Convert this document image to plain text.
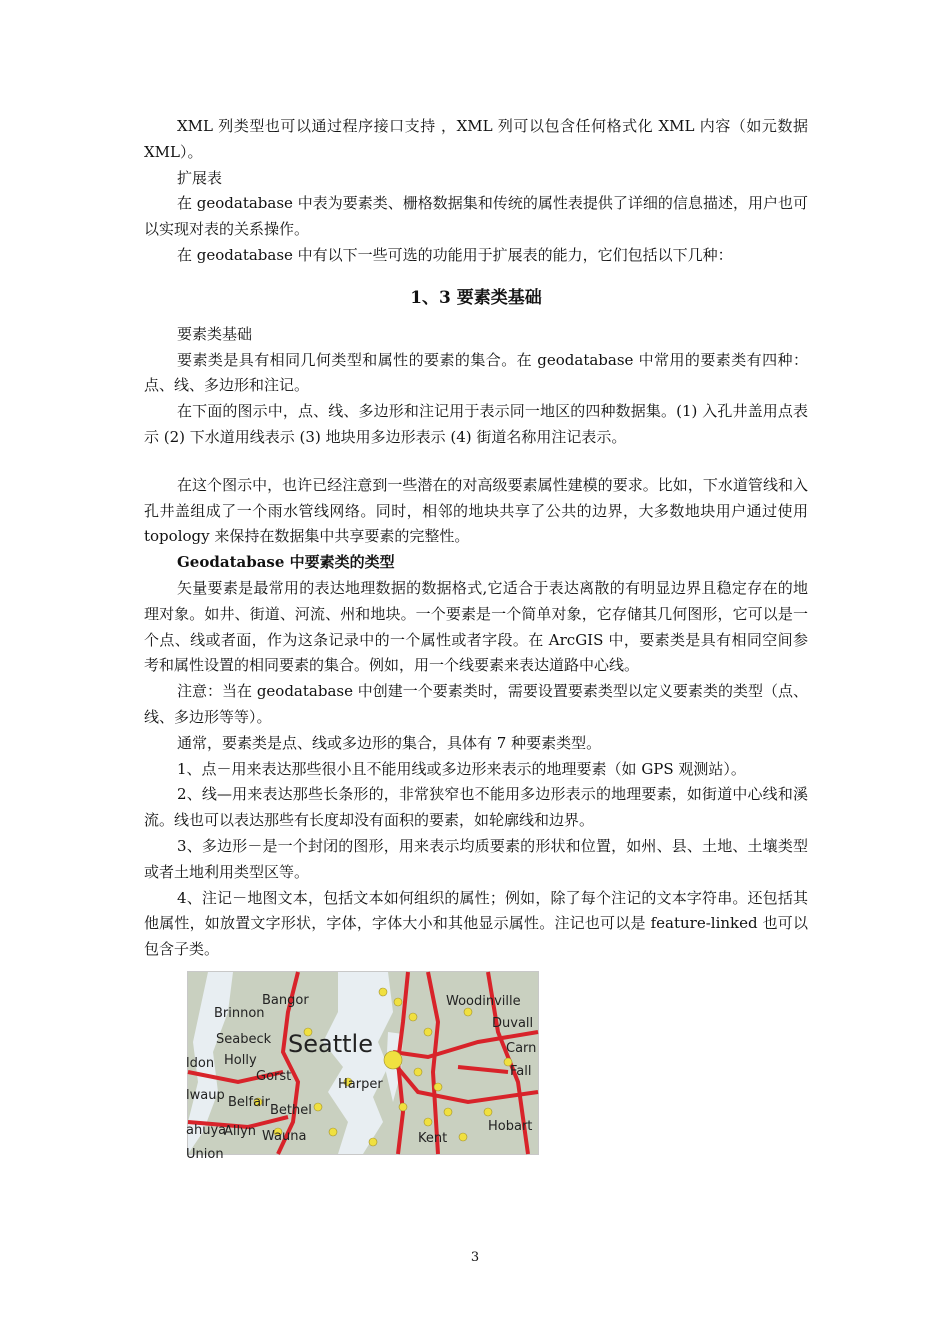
XML 列类型也可以通过程序接口支持 ，XML 列可以包含任何格式化 XML 内容（如元数据 XML）。

扩展表

在 geodatabase 中表为要素类、栅格数据集和传统的属性表提供了详细的信息描述，用户也可以实现对表的关系操作。

在 geodatabase 中有以下一些可选的功能用于扩展表的能力，它们包括以下几种：

1、3 要素类基础

要素类基础

要素类是具有相同几何类型和属性的要素的集合。在 geodatabase 中常用的要素类有四种：点、线、多边形和注记。

在下面的图示中，点、线、多边形和注记用于表示同一地区的四种数据集。(1) 入孔井盖用点表示 (2) 下水道用线表示 (3) 地块用多边形表示 (4) 街道名称用注记表示。

在这个图示中，也许已经注意到一些潜在的对高级要素属性建模的要求。比如，下水道管线和入孔井盖组成了一个雨水管线网络。同时，相邻的地块共享了公共的边界，大多数地块用户通过使用 topology 来保持在数据集中共享要素的完整性。

Geodatabase 中要素类的类型

矢量要素是最常用的表达地理数据的数据格式,它适合于表达离散的有明显边界且稳定存在的地理对象。如井、街道、河流、州和地块。一个要素是一个简单对象，它存储其几何图形，它可以是一个点、线或者面，作为这条记录中的一个属性或者字段。在 ArcGIS 中，要素类是具有相同空间参考和属性设置的相同要素的集合。例如，用一个线要素来表达道路中心线。

注意：当在 geodatabase 中创建一个要素类时，需要设置要素类型以定义要素类的类型（点、线、多边形等等）。

通常，要素类是点、线或多边形的集合，具体有 7 种要素类型。

1、点－用来表达那些很小且不能用线或多边形来表示的地理要素（如 GPS 观测站）。

2、线—用来表达那些长条形的，非常狭窄也不能用多边形表示的地理要素，如街道中心线和溪流。线也可以表达那些有长度却没有面积的要素，如轮廓线和边界。

3、多边形－是一个封闭的图形，用来表示均质要素的形状和位置，如州、县、土地、土壤类型或者土地利用类型区等。

4、注记－地图文本，包括文本如何组织的属性；例如，除了每个注记的文本字符串。还包括其他属性，如放置文字形状，字体，字体大小和其他显示属性。注记也可以是 feature-linked 也可以包含子类。

Bangor
Brinnon
Seabeck Seattle
Holly
Gorst
Harper
Woodinville
Duvall
Carn
Fall
Belfair
Bethel
Allyn Wauna	Kent
Hobart
ldon
lwaup
ahuya
Union
3
